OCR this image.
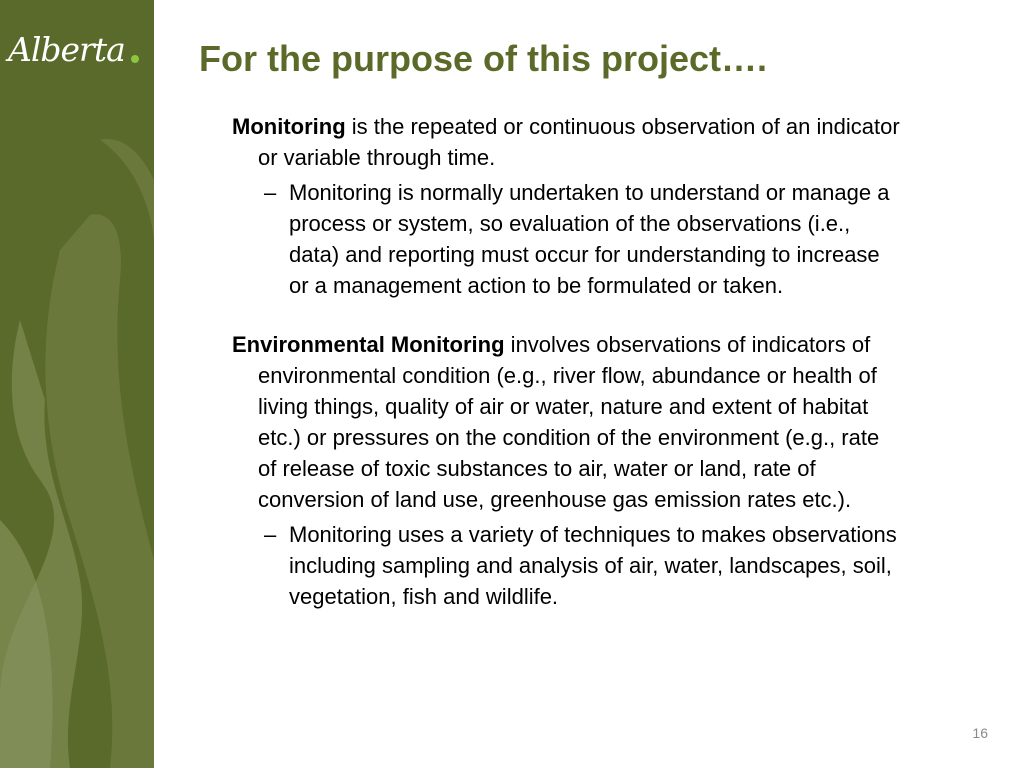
Alberta For the purpose of this project….

Monitoring is the repeated or continuous observation of an indicator or variable through time.

– Monitoring is normally undertaken to understand or manage a process or system, so evaluation of the observations (i.e., data) and reporting must occur for understanding to increase or a management action to be formulated or taken.

Environmental Monitoring involves observations of indicators of environmental condition (e.g., river flow, abundance or health of living things, quality of air or water, nature and extent of habitat etc.) or pressures on the condition of the environment (e.g., rate of release of toxic substances to air, water or land, rate of conversion of land use, greenhouse gas emission rates etc.).

– Monitoring uses a variety of techniques to makes observations including sampling and analysis of air, water, landscapes, soil, vegetation, fish and wildlife.

16
